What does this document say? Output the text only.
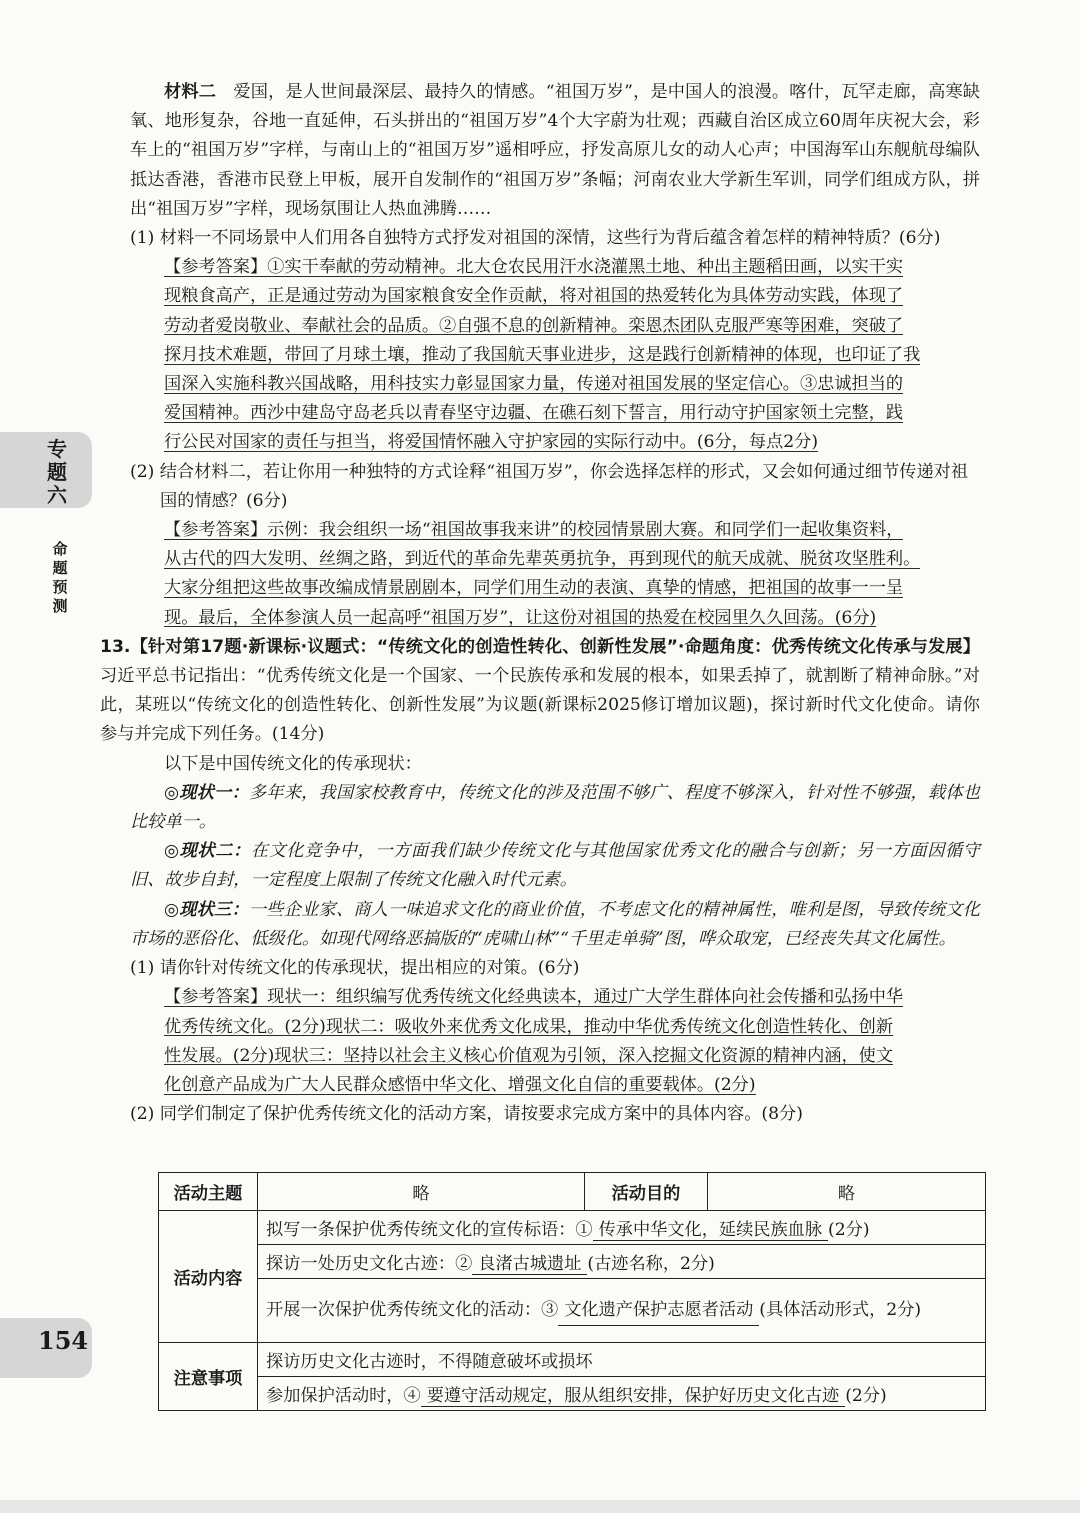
专题六
命题预测
154

材料二　 爱国，是人世间最深层、最持久的情感。“祖国万岁”，是中国人的浪漫。喀什，瓦罕走廊，高寒缺氧、地形复杂，谷地一直延伸，石头拼出的“祖国万岁”4个大字蔚为壮观；西藏自治区成立60周年庆祝大会，彩车上的“祖国万岁”字样，与南山上的“祖国万岁”遥相呼应，抒发高原儿女的动人心声；中国海军山东舰航母编队抵达香港，香港市民登上甲板，展开自发制作的“祖国万岁”条幅；河南农业大学新生军训，同学们组成方队，拼出“祖国万岁”字样，现场氛围让人热血沸腾……

(1) 材料一不同场景中人们用各自独特方式抒发对祖国的深情，这些行为背后蕴含着怎样的精神特质？(6分)

【参考答案】①实干奉献的劳动精神。北大仓农民用汗水浇灌黑土地、种出主题稻田画，以实干实
现粮食高产，正是通过劳动为国家粮食安全作贡献，将对祖国的热爱转化为具体劳动实践，体现了
劳动者爱岗敬业、奉献社会的品质。②自强不息的创新精神。栾恩杰团队克服严寒等困难，突破了
探月技术难题，带回了月球土壤，推动了我国航天事业进步，这是践行创新精神的体现，也印证了我
国深入实施科教兴国战略，用科技实力彰显国家力量，传递对祖国发展的坚定信心。③忠诚担当的
爱国精神。西沙中建岛守岛老兵以青春坚守边疆、在礁石刻下誓言，用行动守护国家领土完整，践
行公民对国家的责任与担当，将爱国情怀融入守护家园的实际行动中。(6分，每点2分)

(2) 结合材料二，若让你用一种独特的方式诠释“祖国万岁”，你会选择怎样的形式，又会如何通过细节传递对祖国的情感？(6分)

【参考答案】示例：我会组织一场“祖国故事我来讲”的校园情景剧大赛。和同学们一起收集资料，
从古代的四大发明、丝绸之路，到近代的革命先辈英勇抗争，再到现代的航天成就、脱贫攻坚胜利。
大家分组把这些故事改编成情景剧剧本，同学们用生动的表演、真挚的情感，把祖国的故事一一呈
现。最后，全体参演人员一起高呼“祖国万岁”，让这份对祖国的热爱在校园里久久回荡。(6分)

13.【针对第17题·新课标·议题式：“传统文化的创造性转化、创新性发展”·命题角度：优秀传统文化传承与发展】习近平总书记指出：“优秀传统文化是一个国家、一个民族传承和发展的根本，如果丢掉了，就割断了精神命脉。”对此，某班以“传统文化的创造性转化、创新性发展”为议题(新课标2025修订增加议题)，探讨新时代文化使命。请你参与并完成下列任务。(14分)

以下是中国传统文化的传承现状：

◎现状一：多年来，我国家校教育中，传统文化的涉及范围不够广、程度不够深入，针对性不够强，载体也比较单一。

◎现状二：在文化竞争中，一方面我们缺少传统文化与其他国家优秀文化的融合与创新；另一方面因循守旧、故步自封，一定程度上限制了传统文化融入时代元素。

◎现状三：一些企业家、商人一味追求文化的商业价值，不考虑文化的精神属性，唯利是图，导致传统文化市场的恶俗化、低级化。如现代网络恶搞版的“虎啸山林”“千里走单骑”图，哗众取宠，已经丧失其文化属性。

(1) 请你针对传统文化的传承现状，提出相应的对策。(6分)

【参考答案】现状一：组织编写优秀传统文化经典读本，通过广大学生群体向社会传播和弘扬中华
优秀传统文化。(2分)现状二：吸收外来优秀文化成果，推动中华优秀传统文化创造性转化、创新
性发展。(2分)现状三：坚持以社会主义核心价值观为引领，深入挖掘文化资源的精神内涵，使文
化创意产品成为广大人民群众感悟中华文化、增强文化自信的重要载体。(2分)

(2) 同学们制定了保护优秀传统文化的活动方案，请按要求完成方案中的具体内容。(8分)

活动主题	略	活动目的	略
活动内容	拟写一条保护优秀传统文化的宣传标语：① 传承中华文化，延续民族血脉 (2分)		
	探访一处历史文化古迹：② 良渚古城遗址 (古迹名称，2分)		
	开展一次保护优秀传统文化的活动：③ 文化遗产保护志愿者活动 (具体活动形式，2分)		
注意事项	探访历史文化古迹时，不得随意破坏或损坏		
	参加保护活动时，④ 要遵守活动规定，服从组织安排，保护好历史文化古迹 (2分)		
